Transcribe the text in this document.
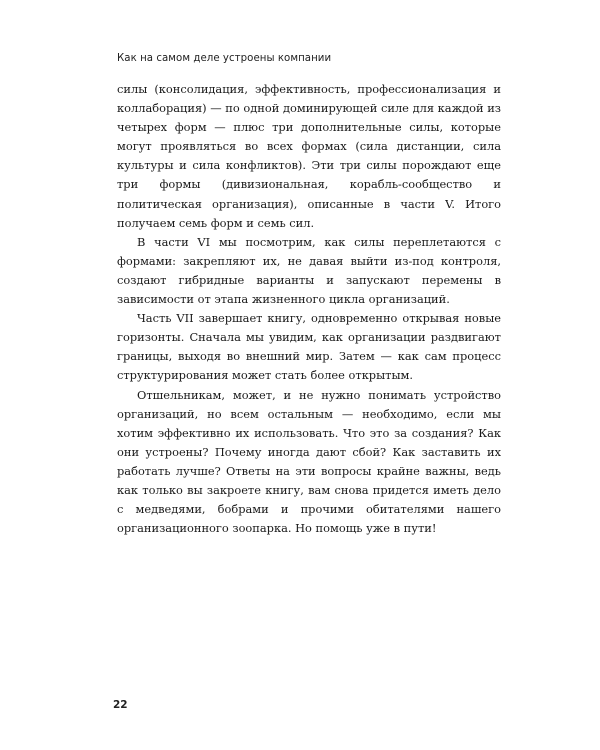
Как на самом деле устроены компании

силы (консолидация, эффективность, профессионализация и коллаборация) — по одной доминирующей силе для каждой из четырех форм — плюс три дополнительные силы, которые могут проявляться во всех формах (сила дистанции, сила культуры и сила конфликтов). Эти три силы порождают еще три формы (дивизиональная, корабль-сообщество и политическая организация), описанные в части V. Итого получаем семь форм и семь сил.

В части VI мы посмотрим, как силы переплетаются с формами: закрепляют их, не давая выйти из-под контроля, создают гибридные варианты и запускают перемены в зависимости от этапа жизненного цикла организаций.

Часть VII завершает книгу, одновременно открывая новые горизонты. Сначала мы увидим, как организации раздвигают границы, выходя во внешний мир. Затем — как сам процесс структурирования может стать более открытым.

Отшельникам, может, и не нужно понимать устройство организаций, но всем остальным — необходимо, если мы хотим эффективно их использовать. Что это за создания? Как они устроены? Почему иногда дают сбой? Как заставить их работать лучше? Ответы на эти вопросы крайне важны, ведь как только вы закроете книгу, вам снова придется иметь дело с медведями, бобрами и прочими обитателями нашего организационного зоопарка. Но помощь уже в пути!

22
